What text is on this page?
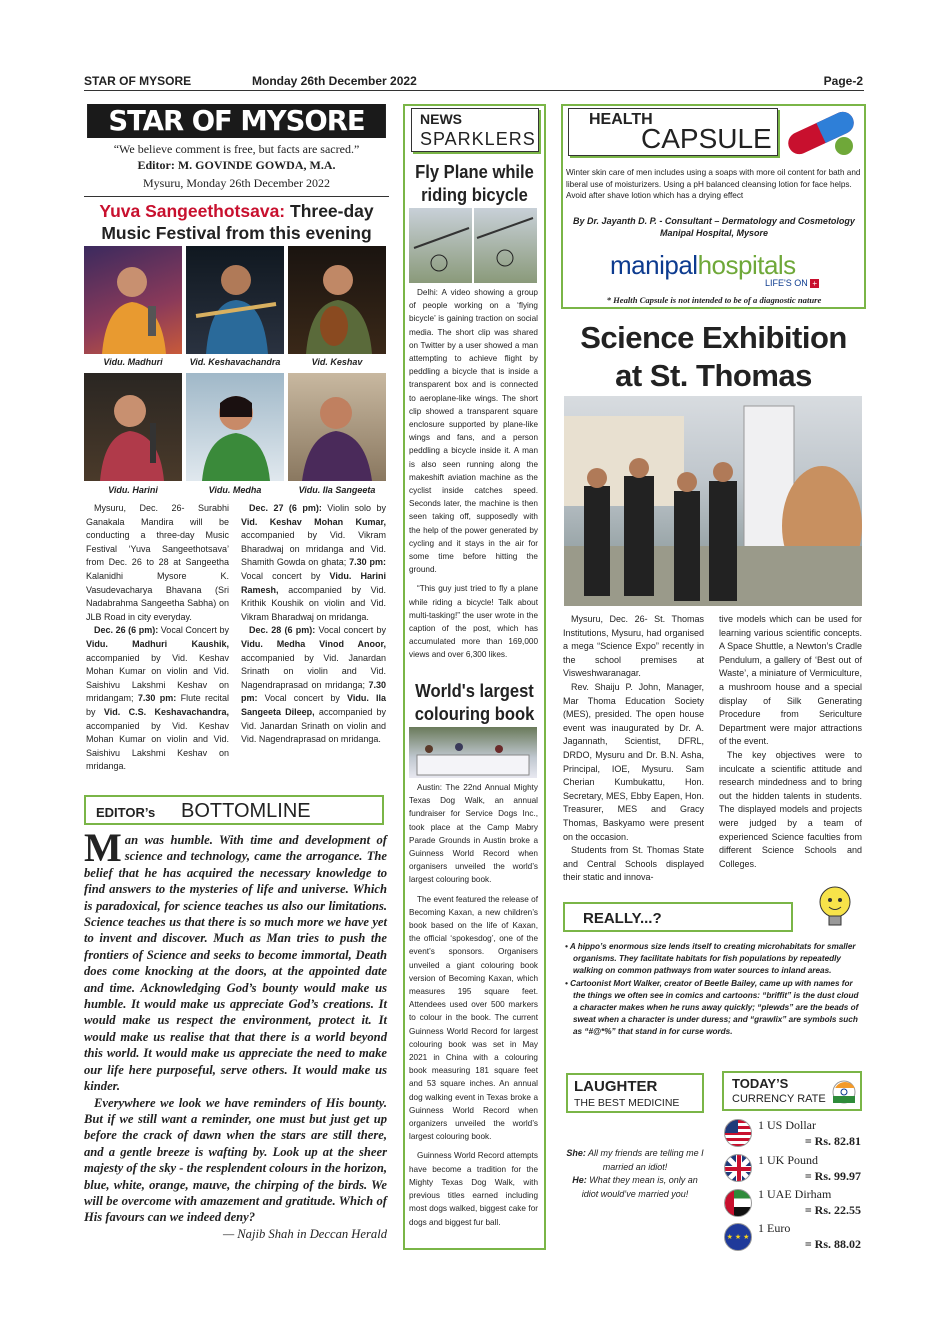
STAR OF MYSORE	Monday 26th December 2022	Page-2
STAR OF MYSORE
“We believe comment is free, but facts are sacred.”
Editor: M. GOVINDE GOWDA, M.A.
Mysuru, Monday 26th December 2022
Yuva Sangeethotsava: Three-day
Music Festival from this evening
Vidu. Madhuri	Vid. Keshavachandra	Vid. Keshav
Vidu. Harini	Vidu. Medha	Vidu. Ila Sangeeta

Mysuru, Dec. 26- Surabhi Ganakala Mandira will be conducting a three-day Music Festival ‘Yuva Sangeethotsava’ from Dec. 26 to 28 at Sangeetha Kalanidhi Mysore K. Vasudevacharya Bhavana (Sri Nadabrahma Sangeetha Sabha) on JLB Road in city everyday.

Dec. 26 (6 pm): Vocal Concert by Vidu. Madhuri Kaushik, accompanied by Vid. Keshav Mohan Kumar on violin and Vid. Saishivu Lakshmi Keshav on mridangam; 7.30 pm: Flute recital by Vid. C.S. Keshavachandra, accompanied by Vid. Keshav Mohan Kumar on violin and Vid. Saishivu Lakshmi Keshav on mridanga.

Dec. 27 (6 pm): Violin solo by Vid. Keshav Mohan Kumar, accompanied by Vid. Vikram Bharadwaj on mridanga and Vid. Shamith Gowda on ghata; 7.30 pm: Vocal concert by Vidu. Harini Ramesh, accompanied by Vid. Krithik Koushik on violin and Vid. Vikram Bharadwaj on mridanga.

Dec. 28 (6 pm): Vocal concert by Vidu. Medha Vinod Anoor, accompanied by Vid. Janardan Srinath on violin and Vid. Nagendraprasad on mridanga; 7.30 pm: Vocal concert by Vidu. Ila Sangeeta Dileep, accompanied by Vid. Janardan Srinath on violin and Vid. Nagendraprasad on mridanga.

EDITOR’s BOTTOMLINE
Man was humble. With time and development of science and technology, came the arrogance. The belief that he has acquired the necessary knowledge to find answers to the mysteries of life and universe. Which is paradoxical, for science teaches us also our limitations. Science teaches us that there is so much more we have yet to invent and discover. Much as Man tries to push the frontiers of Science and seeks to become immortal, Death does come knocking at the doors, at the appointed date and time. Acknowledging God’s bounty would make us humble. It would make us appreciate God’s creations. It would make us respect the environment, protect it. It would make us realise that that there is a world beyond this world. It would make us appreciate the need to make our life here purposeful, serve others. It would make us kinder.
Everywhere we look we have reminders of His bounty. But if we still want a reminder, one must but just get up before the crack of dawn when the stars are still there, and a gentle breeze is wafting by. Look up at the sheer majesty of the sky - the resplendent colours in the horizon, blue, white, orange, mauve, the chirping of the birds. We will be overcome with amazement and gratitude. Which of His favours can we indeed deny?
— Najib Shah in Deccan Herald
NEWS
SPARKLERS
Fly Plane while riding bicycle

Delhi: A video showing a group of people working on a ‘flying bicycle’ is gaining traction on social media. The short clip was shared on Twitter by a user showed a man attempting to achieve flight by peddling a bicycle that is inside a transparent box and is connected to aeroplane-like wings. The short clip showed a transparent square enclosure supported by plane-like wings and fans, and a person peddling a bicycle inside it. A man is also seen running along the makeshift aviation machine as the cyclist inside catches speed. Seconds later, the machine is then seen taking off, supposedly with the help of the power generated by cycling and it stays in the air for some time before hitting the ground.

“This guy just tried to fly a plane while riding a bicycle! Talk about multi-tasking!” the user wrote in the caption of the post, which has accumulated more than 169,000 views and over 6,300 likes.

World's largest colouring book

Austin: The 22nd Annual Mighty Texas Dog Walk, an annual fundraiser for Service Dogs Inc., took place at the Camp Mabry Parade Grounds in Austin broke a Guinness World Record when organisers unveiled the world’s largest colouring book.

The event featured the release of Becoming Kaxan, a new children’s book based on the life of Kaxan, the official ‘spokesdog’, one of the event’s sponsors. Organisers unveiled a giant colouring book version of Becoming Kaxan, which measures 195 square feet. Attendees used over 500 markers to colour in the book. The current Guinness World Record for largest colouring book was set in May 2021 in China with a colouring book measuring 181 square feet and 53 square inches. An annual dog walking event in Texas broke a Guinness World Record when organizers unveiled the world’s largest colouring book.

Guinness World Record attempts have become a tradition for the Mighty Texas Dog Walk, with previous titles earned including most dogs walked, biggest cake for dogs and biggest fur ball.

HEALTH
CAPSULE
Winter skin care of men includes using a soaps with more oil content for bath and liberal use of moisturizers. Using a pH balanced cleansing lotion for face helps. Avoid after shave lotion which has a drying effect
By Dr. Jayanth D. P. - Consultant – Dermatology and Cosmetology
Manipal Hospital, Mysore
manipalhospitals
LIFE'S ON +
* Health Capsule is not intended to be of a diagnostic nature
Science Exhibition
at St. Thomas

Mysuru, Dec. 26- St. Thomas Institutions, Mysuru, had organised a mega “Science Expo” recently in the school premises at Visweshwaranagar.

Rev. Shaiju P. John, Manager, Mar Thoma Education Society (MES), presided. The open house event was inaugurated by Dr. A. Jagannath, Scientist, DFRL, DRDO, Mysuru and Dr. B.N. Asha, Principal, IOE, Mysuru. Sam Cherian Kumbukattu, Hon. Secretary, MES, Ebby Eapen, Hon. Treasurer, MES and Gracy Thomas, Baskyamo were present on the occasion.

Students from St. Thomas State and Central Schools displayed their static and innova-

tive models which can be used for learning various scientific concepts. A Space Shuttle, a Newton’s Cradle Pendulum, a gallery of ‘Best out of Waste’, a miniature of Vermiculture, a mushroom house and a special display of Silk Generating Procedure from Sericulture Department were major attractions of the event.

The key objectives were to inculcate a scientific attitude and research mindedness and to bring out the hidden talents in students. The displayed models and projects were judged by a team of experienced Science faculties from different Science Schools and Colleges.

REALLY...?
• A hippo’s enormous size lends itself to creating microhabitats for smaller organisms. They facilitate habitats for fish populations by repeatedly walking on common pathways from water sources to inland areas.
• Cartoonist Mort Walker, creator of Beetle Bailey, came up with names for the things we often see in comics and cartoons: “briffit” is the dust cloud a character makes when he runs away quickly; “plewds” are the beads of sweat when a character is under duress; and “grawlix” are symbols such as “#@*%” that stand in for curse words.
LAUGHTER
THE BEST MEDICINE
She: All my friends are telling me I married an idiot!
He: What they mean is, only an idiot would’ve married you!
TODAY’S
CURRENCY RATE
1 US Dollar
= Rs. 82.81
1 UK Pound
= Rs. 99.97
1 UAE Dirham
= Rs. 22.55
★ ★ ★
1 Euro
= Rs. 88.02
